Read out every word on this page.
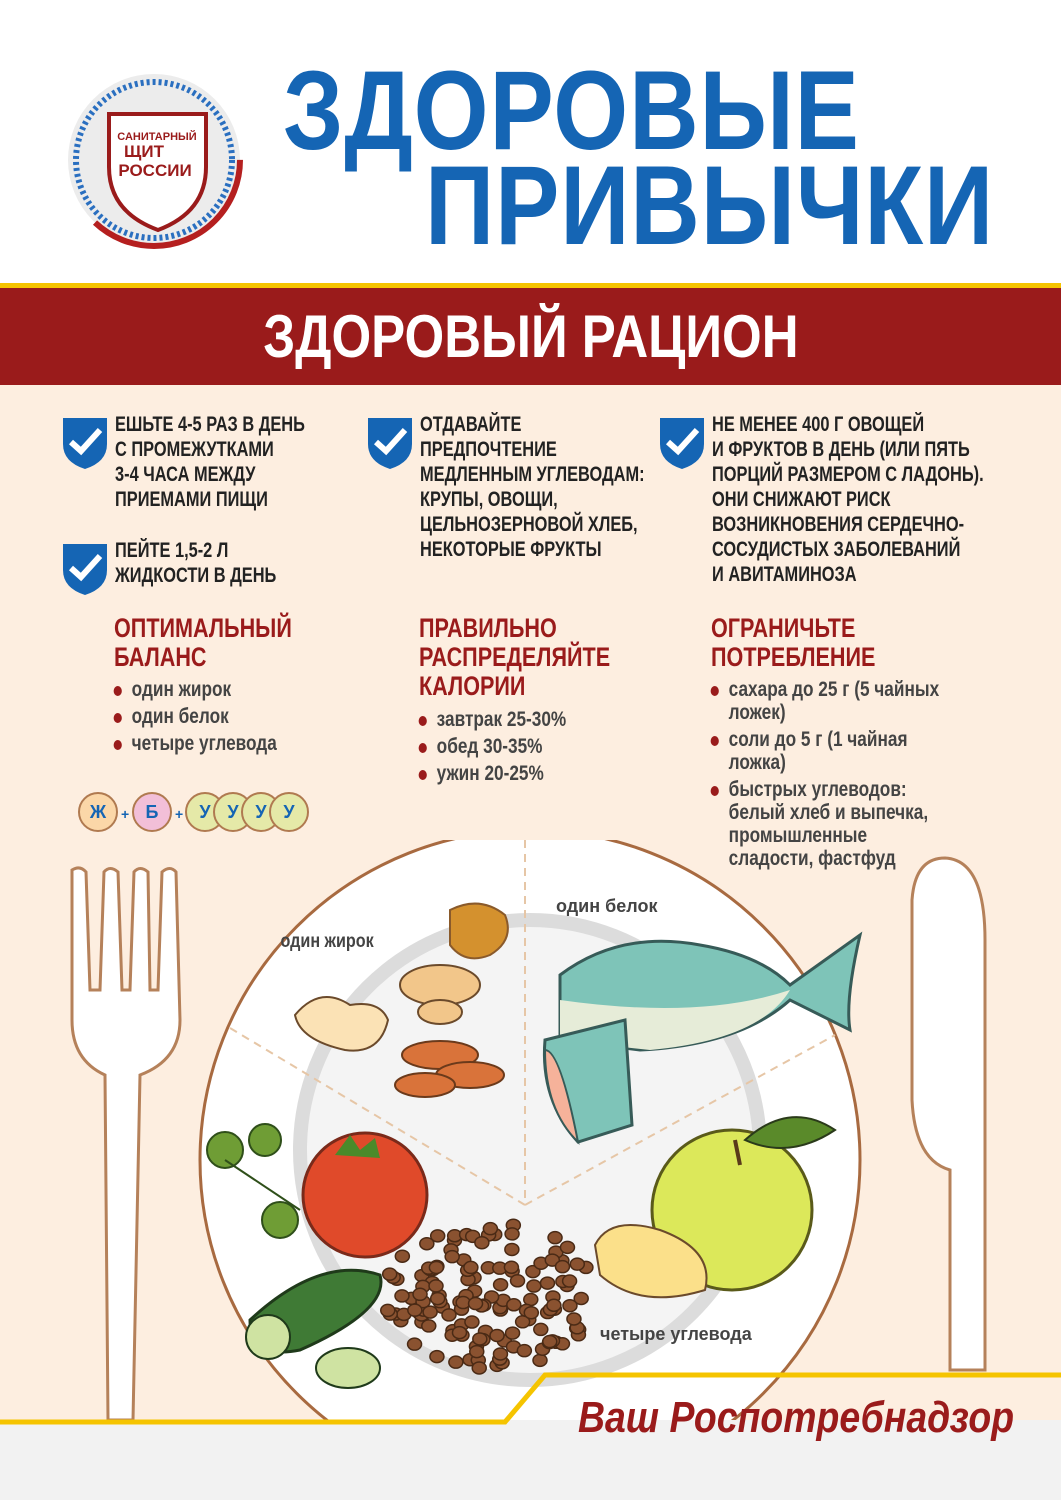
САНИТАРНЫЙ
ЩИТ
РОССИИ ЗДОРОВЫЕ
ПРИВЫЧКИ
ЗДОРОВЫЙ РАЦИОН
ЕШЬТЕ 4-5 РАЗ В ДЕНЬ
С ПРОМЕЖУТКАМИ
3-4 ЧАСА МЕЖДУ
ПРИЕМАМИ ПИЩИ
ПЕЙТЕ 1,5-2 Л
ЖИДКОСТИ В ДЕНЬ
ОТДАВАЙТЕ
ПРЕДПОЧТЕНИЕ
МЕДЛЕННЫМ УГЛЕВОДАМ:
КРУПЫ, ОВОЩИ,
ЦЕЛЬНОЗЕРНОВОЙ ХЛЕБ,
НЕКОТОРЫЕ ФРУКТЫ
НЕ МЕНЕЕ 400 Г ОВОЩЕЙ
И ФРУКТОВ В ДЕНЬ (ИЛИ ПЯТЬ
ПОРЦИЙ РАЗМЕРОМ С ЛАДОНЬ).
ОНИ СНИЖАЮТ РИСК
ВОЗНИКНОВЕНИЯ СЕРДЕЧНО-
СОСУДИСТЫХ ЗАБОЛЕВАНИЙ
И АВИТАМИНОЗА
ОПТИМАЛЬНЫЙ
БАЛАНС
один жирок
один белок
четыре углевода
ПРАВИЛЬНО
РАСПРЕДЕЛЯЙТЕ
КАЛОРИИ
завтрак 25-30%
обед 30-35%
ужин 20-25%
ОГРАНИЧЬТЕ
ПОТРЕБЛЕНИЕ
сахара до 25 г (5 чайных
ложек)
соли до 5 г (1 чайная
ложка)
быстрых углеводов:
белый хлеб и выпечка,
промышленные
сладости, фастфуд
Ж	+ Б	+ У У У У
один жирок
один белок
четыре углевода
Ваш Роспотребнадзор
